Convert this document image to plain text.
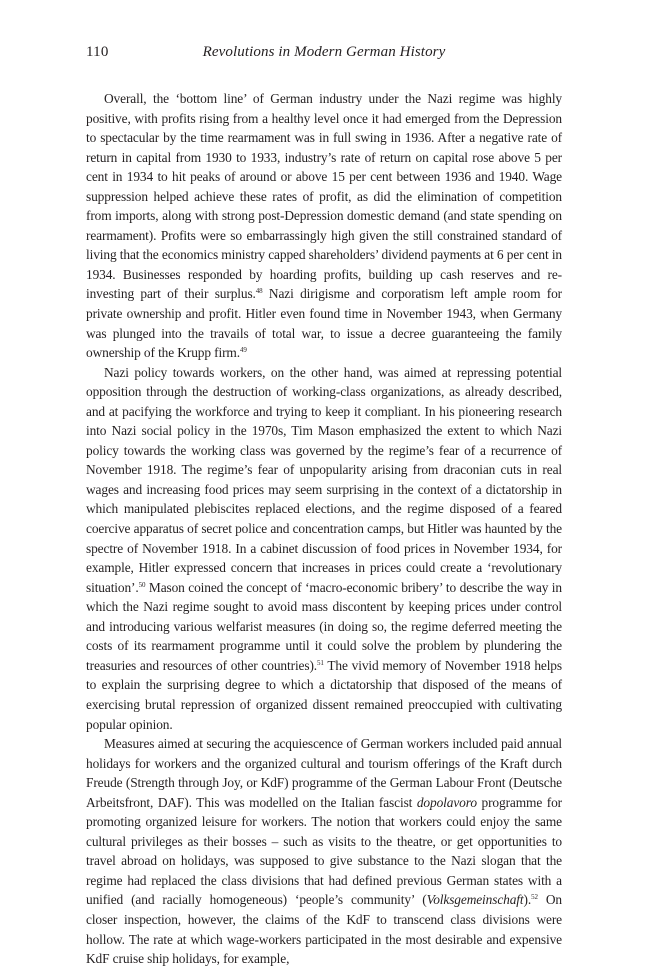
110	Revolutions in Modern German History

Overall, the ‘bottom line’ of German industry under the Nazi regime was highly positive, with profits rising from a healthy level once it had emerged from the Depression to spectacular by the time rearmament was in full swing in 1936. After a negative rate of return in capital from 1930 to 1933, industry’s rate of return on capital rose above 5 per cent in 1934 to hit peaks of around or above 15 per cent between 1936 and 1940. Wage suppression helped achieve these rates of profit, as did the elimination of competition from imports, along with strong post-Depression domestic demand (and state spending on rearmament). Profits were so embarrassingly high given the still constrained standard of living that the economics ministry capped shareholders’ dividend payments at 6 per cent in 1934. Businesses responded by hoarding profits, building up cash reserves and re-investing part of their surplus.$^{48}$ Nazi dirigisme and corporatism left ample room for private ownership and profit. Hitler even found time in November 1943, when Germany was plunged into the travails of total war, to issue a decree guaranteeing the family ownership of the Krupp firm.$^{49}$

Nazi policy towards workers, on the other hand, was aimed at repressing potential opposition through the destruction of working-class organizations, as already described, and at pacifying the workforce and trying to keep it compliant. In his pioneering research into Nazi social policy in the 1970s, Tim Mason emphasized the extent to which Nazi policy towards the working class was governed by the regime’s fear of a recurrence of November 1918. The regime’s fear of unpopularity arising from draconian cuts in real wages and increasing food prices may seem surprising in the context of a dictatorship in which manipulated plebiscites replaced elections, and the regime disposed of a feared coercive apparatus of secret police and concentration camps, but Hitler was haunted by the spectre of November 1918. In a cabinet discussion of food prices in November 1934, for example, Hitler expressed concern that increases in prices could create a ‘revolutionary situation’.$^{50}$ Mason coined the concept of ‘macro-economic bribery’ to describe the way in which the Nazi regime sought to avoid mass discontent by keeping prices under control and introducing various welfarist measures (in doing so, the regime deferred meeting the costs of its rearmament programme until it could solve the problem by plundering the treasuries and resources of other countries).$^{51}$ The vivid memory of November 1918 helps to explain the surprising degree to which a dictatorship that disposed of the means of exercising brutal repression of organized dissent remained preoccupied with cultivating popular opinion.

Measures aimed at securing the acquiescence of German workers included paid annual holidays for workers and the organized cultural and tourism offerings of the Kraft durch Freude (Strength through Joy, or KdF) programme of the German Labour Front (Deutsche Arbeitsfront, DAF). This was modelled on the Italian fascist dopolavoro programme for promoting organized leisure for workers. The notion that workers could enjoy the same cultural privileges as their bosses – such as visits to the theatre, or get opportunities to travel abroad on holidays, was supposed to give substance to the Nazi slogan that the regime had replaced the class divisions that had defined previous German states with a unified (and racially homogeneous) ‘people’s community’ (Volksgemeinschaft).$^{52}$ On closer inspection, however, the claims of the KdF to transcend class divisions were hollow. The rate at which wage-workers participated in the most desirable and expensive KdF cruise ship holidays, for example,
